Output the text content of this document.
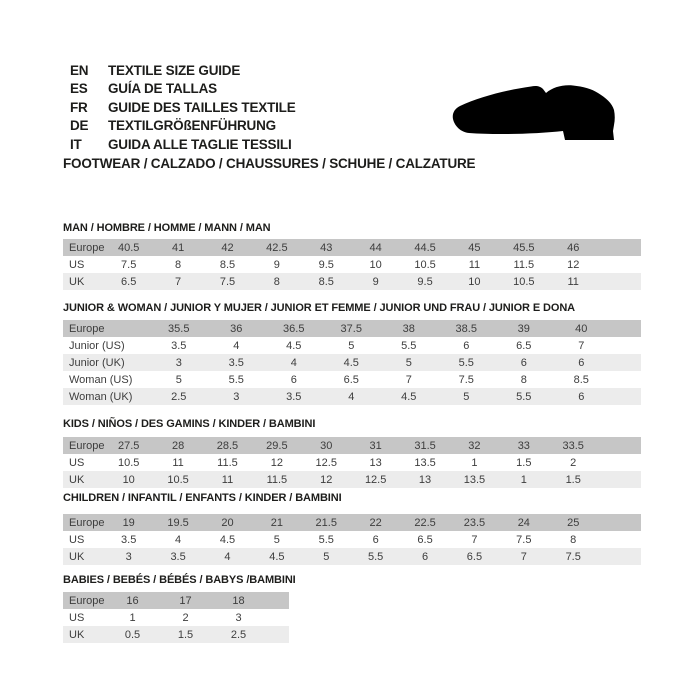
EN TEXTILE SIZE GUIDE
ES GUÍA DE TALLAS
FR GUIDE DES TAILLES TEXTILE
DE TEXTILGRÖßENFÜHRUNG
IT GUIDA ALLE TAGLIE TESSILI
FOOTWEAR / CALZADO / CHAUSSURES / SCHUHE / CALZATURE
MAN / HOMBRE / HOMME / MANN / MAN
Europe	40.5	41	42	42.5	43	44	44.5	45	45.5	46	
US	7.5	8	8.5	9	9.5	10	10.5	11	11.5	12	
UK	6.5	7	7.5	8	8.5	9	9.5	10	10.5	11	
JUNIOR & WOMAN / JUNIOR Y MUJER / JUNIOR ET FEMME / JUNIOR UND FRAU / JUNIOR E DONA
Europe	35.5	36	36.5	37.5	38	38.5	39	40	
Junior (US)	3.5	4	4.5	5	5.5	6	6.5	7	
Junior (UK)	3	3.5	4	4.5	5	5.5	6	6	
Woman (US)	5	5.5	6	6.5	7	7.5	8	8.5	
Woman (UK)	2.5	3	3.5	4	4.5	5	5.5	6	
KIDS / NIÑOS / DES GAMINS / KINDER / BAMBINI
Europe	27.5	28	28.5	29.5	30	31	31.5	32	33	33.5	
US	10.5	11	11.5	12	12.5	13	13.5	1	1.5	2	
UK	10	10.5	11	11.5	12	12.5	13	13.5	1	1.5	
CHILDREN / INFANTIL / ENFANTS / KINDER / BAMBINI
Europe	19	19.5	20	21	21.5	22	22.5	23.5	24	25	
US	3.5	4	4.5	5	5.5	6	6.5	7	7.5	8	
UK	3	3.5	4	4.5	5	5.5	6	6.5	7	7.5	
BABIES / BEBÉS / BÉBÉS / BABYS /BAMBINI
Europe	16	17	18	
US	1	2	3	
UK	0.5	1.5	2.5	
